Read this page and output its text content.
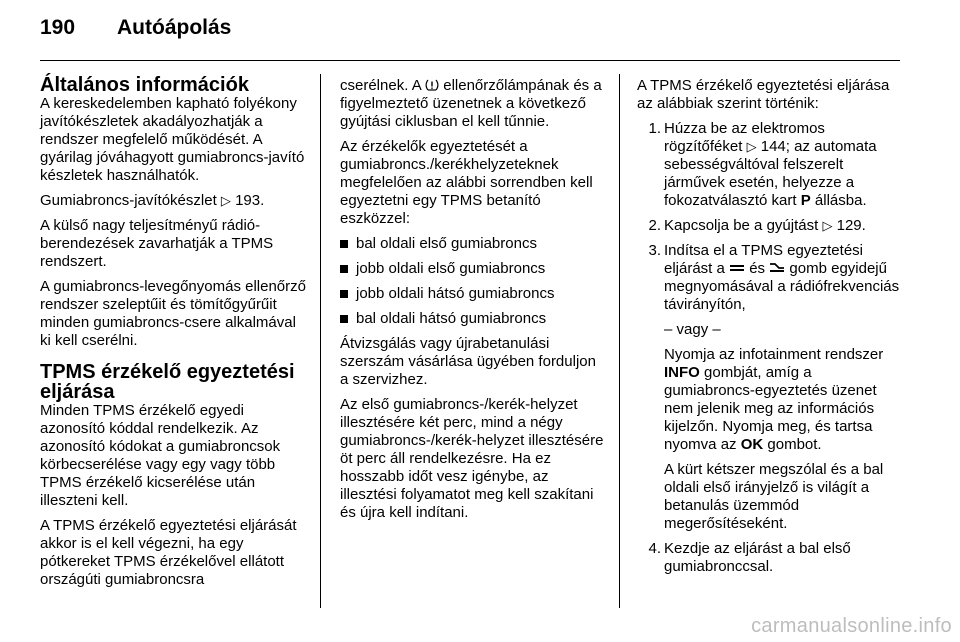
190 Autóápolás
Általános információk

A kereskedelemben kapható folyékony javítókészletek akadályozhatják a rendszer megfelelő működését. A gyárilag jóváhagyott gumiabroncs-javító készletek használhatók.

Gumiabroncs-javítókészlet ▷ 193.

A külső nagy teljesítményű rádió-berendezések zavarhatják a TPMS rendszert.

A gumiabroncs-levegőnyomás ellenőrző rendszer szeleptűit és tömítőgyűrűit minden gumiabroncs-csere alkalmával ki kell cserélni.

TPMS érzékelő egyeztetési
eljárása

Minden TPMS érzékelő egyedi azonosító kóddal rendelkezik. Az azonosító kódokat a gumiabroncsok körbecserélése vagy egy vagy több TPMS érzékelő kicserélése után illeszteni kell.

A TPMS érzékelő egyeztetési eljárását akkor is el kell végezni, ha egy pótkereket TPMS érzékelővel ellátott országúti gumiabroncsra

cserélnek. A ellenőrzőlámpának és a figyelmeztető üzenetnek a következő gyújtási ciklusban el kell tűnnie.

Az érzékelők egyeztetését a gumiabroncs./kerékhelyzeteknek megfelelően az alábbi sorrendben kell egyeztetni egy TPMS betanító eszközzel:

bal oldali első gumiabroncs
jobb oldali első gumiabroncs
jobb oldali hátsó gumiabroncs
bal oldali hátsó gumiabroncs

Átvizsgálás vagy újrabetanulási szerszám vásárlása ügyében forduljon a szervizhez.

Az első gumiabroncs-/kerék-helyzet illesztésére két perc, mind a négy gumiabroncs-/kerék-helyzet illesztésére öt perc áll rendelkezésre. Ha ez hosszabb időt vesz igénybe, az illesztési folyamatot meg kell szakítani és újra kell indítani.

A TPMS érzékelő egyeztetési eljárása az alábbiak szerint történik:

1. Húzza be az elektromos rögzítőféket ▷ 144; az automata sebességváltóval felszerelt járművek esetén, helyezze a fokozatválasztó kart P állásba.
2. Kapcsolja be a gyújtást ▷ 129.
3. Indítsa el a TPMS egyeztetési eljárást a és gomb egyidejű megnyomásával a rádiófrekvenciás távirányítón,
– vagy –
Nyomja az infotainment rendszer INFO gombját, amíg a gumiabroncs-egyeztetés üzenet nem jelenik meg az információs kijelzőn. Nyomja meg, és tartsa nyomva az OK gombot.
A kürt kétszer megszólal és a bal oldali első irányjelző is világít a betanulás üzemmód megerősítéseként.
4. Kezdje az eljárást a bal első gumiabronccsal.
carmanualsonline.info
